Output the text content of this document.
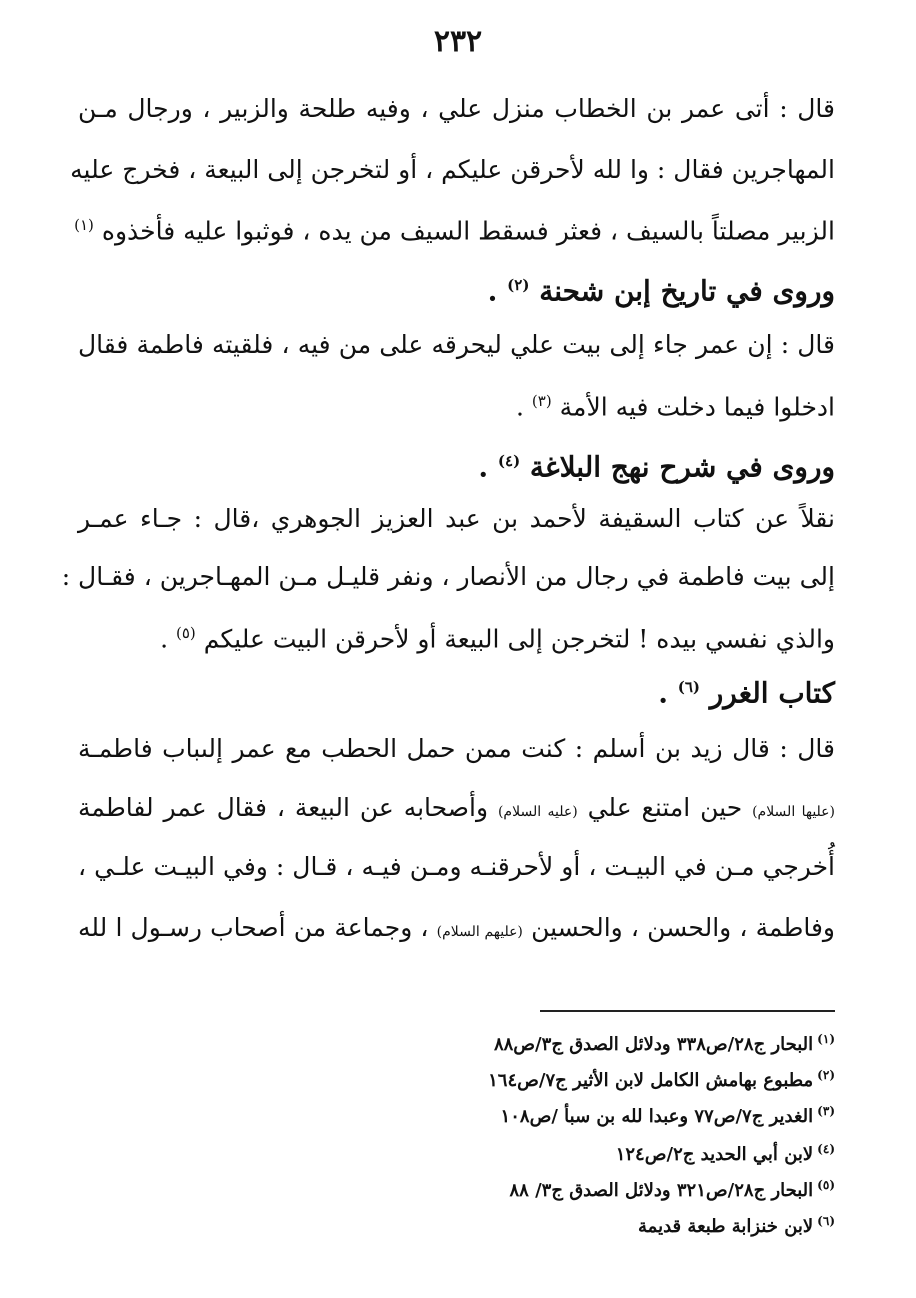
٢٣٢
قال : أتى عمر بن الخطاب منزل علي ، وفيه طلحة والزبير ، ورجال مـن
المهاجرين فقال : وا لله لأحرقن عليكم ، أو لتخرجن إلى البيعة ، فخرج عليه
الزبير مصلتاً بالسيف ، فعثر فسقط السيف من يده ، فوثبوا عليه فأخذوه $^{(١)}$
وروى في تاريخ إبن شحنة $^{(٢)}$ .
قال : إن عمر جاء إلى بيت علي ليحرقه على من فيه ، فلقيته فاطمة فقال
ادخلوا فيما دخلت فيه الأمة $^{(٣)}$ .
وروى في شرح نهج البلاغة $^{(٤)}$ .
نقلاً عن كتاب السقيفة لأحمد بن عبد العزيز الجوهري ،قال : جـاء عمـر
إلى بيت فاطمة في رجال من الأنصار ، ونفر قليـل مـن المهـاجرين ، فقـال :
والذي نفسي بيده ! لتخرجن إلى البيعة أو لأحرقن البيت عليكم $^{(٥)}$ .
كتاب الغرر $^{(٦)}$ .
قال : قال زيد بن أسلم : كنت ممن حمل الحطب مع عمر إلىباب فاطمـة
(عليها السلام) حين امتنع علي (عليه السلام) وأصحابه عن البيعة ، فقال عمر لفاطمة
أُخرجي مـن في البيـت ، أو لأحرقنـه ومـن فيـه ، قـال : وفي البيـت علـي ،
وفاطمة ، والحسن ، والحسين (عليهم السلام) ، وجماعة من أصحاب رسـول ا لله
$^{(١)}$البحار ج٢٨/ص٣٣٨ ودلائل الصدق ج٣/ص٨٨
$^{(٢)}$مطبوع بهامش الكامل لابن الأثير ج٧/ص١٦٤
$^{(٣)}$الغدير ج٧/ص٧٧ وعبدا لله بن سبأ /ص١٠٨
$^{(٤)}$لابن أبي الحديد ج٢/ص١٢٤
$^{(٥)}$البحار ج٢٨/ص٣٢١ ودلائل الصدق ج٣/ ٨٨
$^{(٦)}$لابن خنزابة طبعة قديمة
